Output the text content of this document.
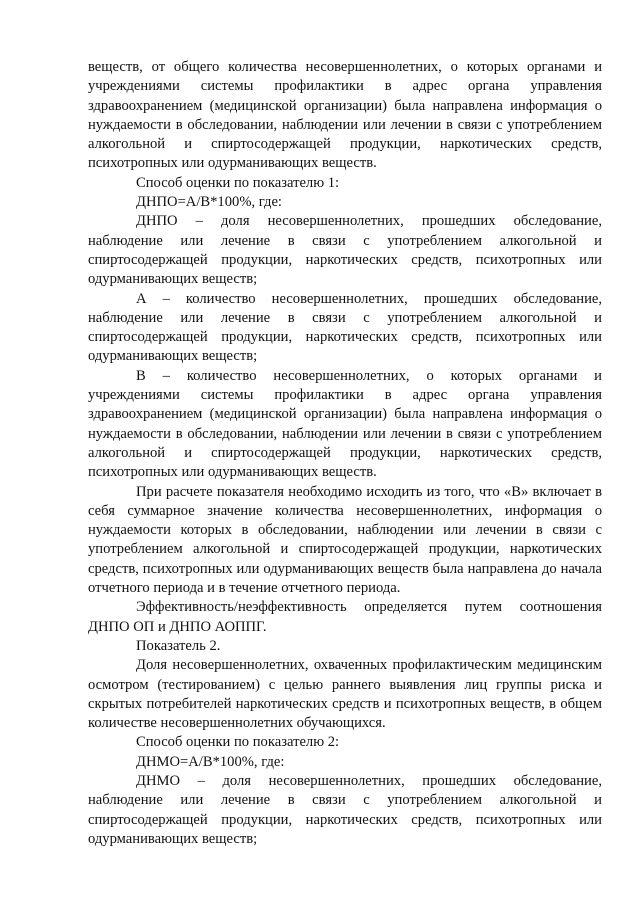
веществ, от общего количества несовершеннолетних, о которых органами и учреждениями системы профилактики в адрес органа управления здравоохранением (медицинской организации) была направлена информация о нуждаемости в обследовании, наблюдении или лечении в связи с употреблением алкогольной и спиртосодержащей продукции, наркотических средств, психотропных или одурманивающих веществ.

Способ оценки по показателю 1:

ДНПО=А/В*100%, где:

ДНПО – доля несовершеннолетних, прошедших обследование, наблюдение или лечение в связи с употреблением алкогольной и спиртосодержащей продукции, наркотических средств, психотропных или одурманивающих веществ;

А – количество несовершеннолетних, прошедших обследование, наблюдение или лечение в связи с употреблением алкогольной и спиртосодержащей продукции, наркотических средств, психотропных или одурманивающих веществ;

В – количество несовершеннолетних, о которых органами и учреждениями системы профилактики в адрес органа управления здравоохранением (медицинской организации) была направлена информация о нуждаемости в обследовании, наблюдении или лечении в связи с употреблением алкогольной и спиртосодержащей продукции, наркотических средств, психотропных или одурманивающих веществ.

При расчете показателя необходимо исходить из того, что «В» включает в себя суммарное значение количества несовершеннолетних, информация о нуждаемости которых в обследовании, наблюдении или лечении в связи с употреблением алкогольной и спиртосодержащей продукции, наркотических средств, психотропных или одурманивающих веществ была направлена до начала отчетного периода и в течение отчетного периода.

Эффективность/неэффективность определяется путем соотношения ДНПО ОП и ДНПО АОППГ.

Показатель 2.

Доля несовершеннолетних, охваченных профилактическим медицинским осмотром (тестированием) с целью раннего выявления лиц группы риска и скрытых потребителей наркотических средств и психотропных веществ, в общем количестве несовершеннолетних обучающихся.

Способ оценки по показателю 2:

ДНМО=А/В*100%, где:

ДНМО – доля несовершеннолетних, прошедших обследование, наблюдение или лечение в связи с употреблением алкогольной и спиртосодержащей продукции, наркотических средств, психотропных или одурманивающих веществ;
